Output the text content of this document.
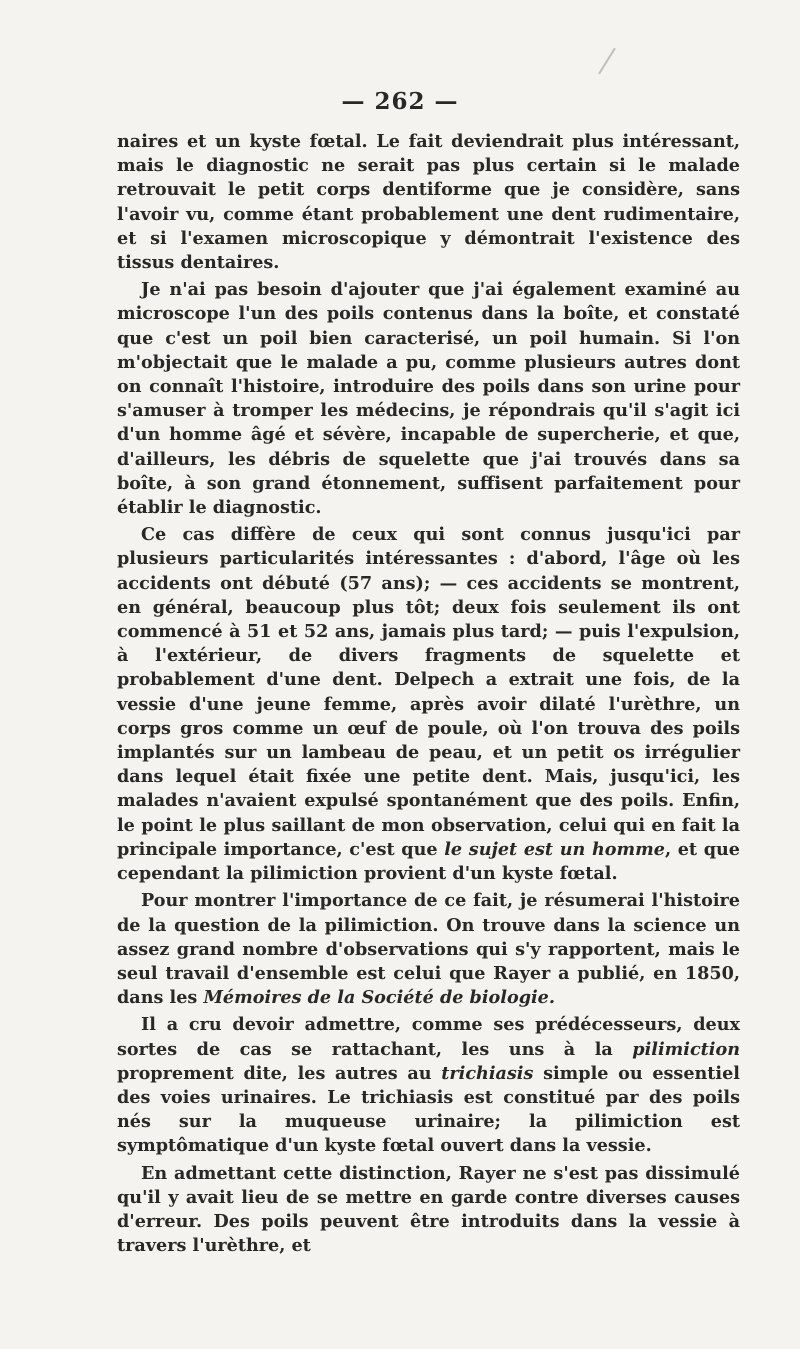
— 262 —

naires et un kyste fœtal. Le fait deviendrait plus intéressant, mais le diagnostic ne serait pas plus certain si le malade retrouvait le petit corps dentiforme que je considère, sans l'avoir vu, comme étant probablement une dent rudimentaire, et si l'examen microscopique y démontrait l'existence des tissus dentaires.

Je n'ai pas besoin d'ajouter que j'ai également examiné au microscope l'un des poils contenus dans la boîte, et constaté que c'est un poil bien caracterisé, un poil humain. Si l'on m'objectait que le malade a pu, comme plusieurs autres dont on connaît l'histoire, introduire des poils dans son urine pour s'amuser à tromper les médecins, je répondrais qu'il s'agit ici d'un homme âgé et sévère, incapable de supercherie, et que, d'ailleurs, les débris de squelette que j'ai trouvés dans sa boîte, à son grand étonnement, suffisent parfaitement pour établir le diagnostic.

Ce cas diffère de ceux qui sont connus jusqu'ici par plusieurs particularités intéressantes : d'abord, l'âge où les accidents ont débuté (57 ans); — ces accidents se montrent, en général, beaucoup plus tôt; deux fois seulement ils ont commencé à 51 et 52 ans, jamais plus tard; — puis l'expulsion, à l'extérieur, de divers fragments de squelette et probablement d'une dent. Delpech a extrait une fois, de la vessie d'une jeune femme, après avoir dilaté l'urèthre, un corps gros comme un œuf de poule, où l'on trouva des poils implantés sur un lambeau de peau, et un petit os irrégulier dans lequel était fixée une petite dent. Mais, jusqu'ici, les malades n'avaient expulsé spontanément que des poils. Enfin, le point le plus saillant de mon observation, celui qui en fait la principale importance, c'est que le sujet est un homme, et que cependant la pilimiction provient d'un kyste fœtal.

Pour montrer l'importance de ce fait, je résumerai l'histoire de la question de la pilimiction. On trouve dans la science un assez grand nombre d'observations qui s'y rapportent, mais le seul travail d'ensemble est celui que Rayer a publié, en 1850, dans les Mémoires de la Société de biologie.

Il a cru devoir admettre, comme ses prédécesseurs, deux sortes de cas se rattachant, les uns à la pilimiction proprement dite, les autres au trichiasis simple ou essentiel des voies urinaires. Le trichiasis est constitué par des poils nés sur la muqueuse urinaire; la pilimiction est symptômatique d'un kyste fœtal ouvert dans la vessie.

En admettant cette distinction, Rayer ne s'est pas dissimulé qu'il y avait lieu de se mettre en garde contre diverses causes d'erreur. Des poils peuvent être introduits dans la vessie à travers l'urèthre, et
